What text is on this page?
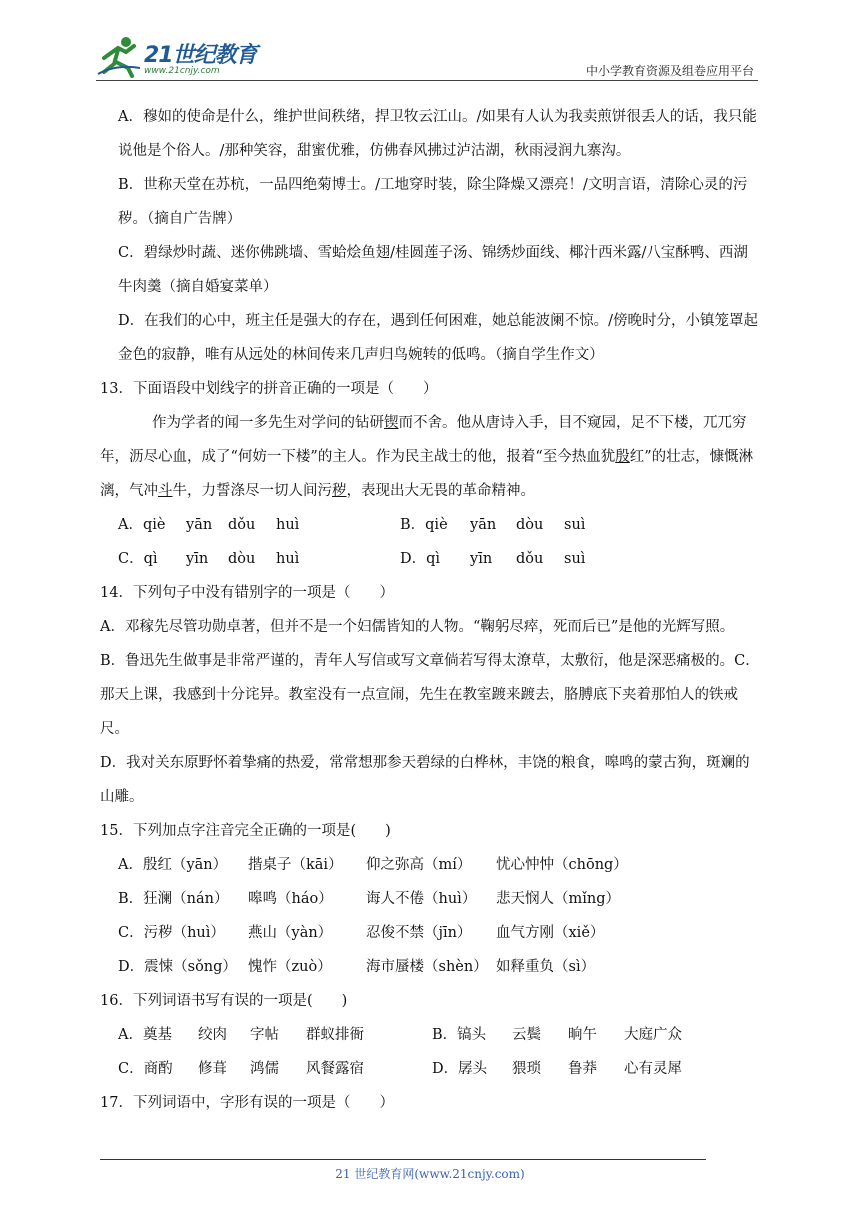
21世纪教育
www.21cnjy.com	中小学教育资源及组卷应用平台

A．穆如的使命是什么，维护世间秩绪，捍卫牧云江山。/如果有人认为我卖煎饼很丢人的话，我只能说他是个俗人。/那种笑容，甜蜜优雅，仿佛春风拂过泸沽湖，秋雨浸润九寨沟。

B．世称天堂在苏杭，一品四绝菊博士。/工地穿时装，除尘降燥又漂亮！/文明言语，清除心灵的污秽。（摘自广告牌）

C．碧绿炒时蔬、迷你佛跳墙、雪蛤烩鱼翅/桂圆莲子汤、锦绣炒面线、椰汁西米露/八宝酥鸭、西湖牛肉羹（摘自婚宴菜单）

D．在我们的心中，班主任是强大的存在，遇到任何困难，她总能波阑不惊。/傍晚时分，小镇笼罩起金色的寂静，唯有从远处的林间传来几声归鸟婉转的低鸣。（摘自学生作文）

13．下面语段中划线字的拼音正确的一项是（　　）

作为学者的闻一多先生对学问的钻研锲而不舍。他从唐诗入手，目不窥园，足不下楼，兀兀穷年，沥尽心血，成了“何妨一下楼”的主人。作为民主战士的他，报着“至今热血犹殷红”的壮志，慷慨淋漓，气冲斗牛，力誓涤尽一切人间污秽，表现出大无畏的革命精神。

A．qiè	yān	dǒu	huì	B．qiè	yān	dòu	suì
C．qì	yīn	dòu	huì	D．qì	yīn	dǒu	suì

14．下列句子中没有错别字的一项是（　　）

A．邓稼先尽管功勋卓著，但并不是一个妇儒皆知的人物。“鞠躬尽瘁，死而后已”是他的光辉写照。

B．鲁迅先生做事是非常严谨的，青年人写信或写文章倘若写得太潦草，太敷衍，他是深恶痛极的。C．那天上课，我感到十分诧异。教室没有一点宣闹，先生在教室踱来踱去，胳膊底下夹着那怕人的铁戒尺。

D．我对关东原野怀着挚痛的热爱，常常想那参天碧绿的白桦林，丰饶的粮食，嗥鸣的蒙古狗，斑斓的山雕。

15．下列加点字注音完全正确的一项是(　　)

A．殷红（yān）	揩桌子（kāi）	仰之弥高（mí）	忧心忡忡（chōng）
B．狂澜（nán）	嗥鸣（háo）	诲人不倦（huì）	悲天悯人（mǐng）
C．污秽（huì）	燕山（yàn）	忍俊不禁（jīn）	血气方刚（xiě）
D．震悚（sǒng） 愧怍（zuò）	海市蜃楼（shèn） 如释重负（sì）

16．下列词语书写有误的一项是(　　)

A．奠基	绞肉	字帖	群蚁排衙	B．镐头	云鬓	晌午	大庭广众
C．商酌	修葺	鸿儒	风餐露宿	D．孱头	猥琐	鲁莽	心有灵犀

17．下列词语中，字形有误的一项是（　　）

21 世纪教育网(www.21cnjy.com)
